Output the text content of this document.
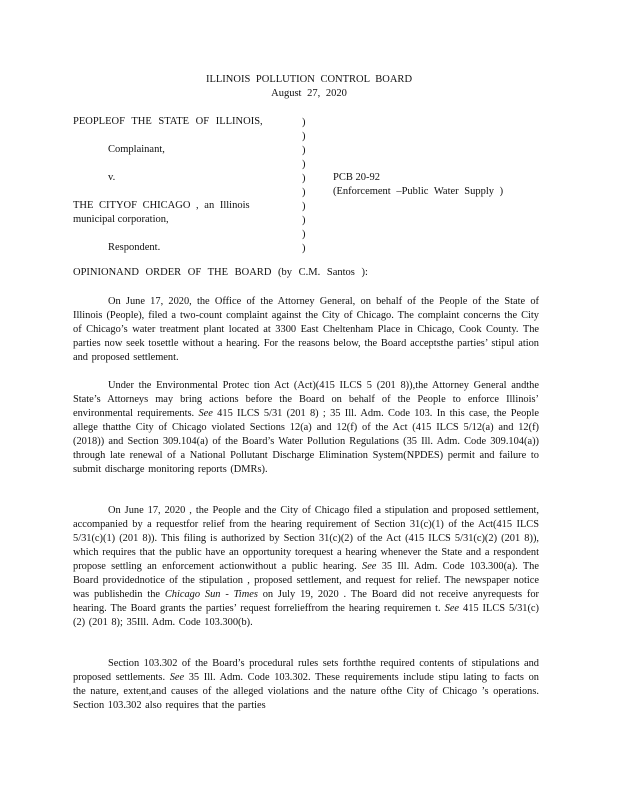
ILLINOIS POLLUTION CONTROL BOARD
August 27, 2020
PEOPLEOF THE STATE OF ILLINOIS,
Complainant,
v.
THE CITYOF CHICAGO , an Illinois
municipal corporation,
Respondent.
)
)
)
)
)
)
)
)
)
)
PCB 20-92
(Enforcement –Public Water Supply )
OPINIONAND ORDER OF THE BOARD (by C.M. Santos ):
On June 17, 2020, the Office of the Attorney General, on behalf of the People of the State of Illinois (People), filed a two-count complaint against the City of Chicago. The complaint concerns the City of Chicago’s water treatment plant located at 3300 East Cheltenham Place in Chicago, Cook County. The parties now seek tosettle without a hearing. For the reasons below, the Board acceptsthe parties’ stipul ation and proposed settlement.
Under the Environmental Protec tion Act (Act)(415 ILCS 5 (201 8)),the Attorney General andthe State’s Attorneys may bring actions before the Board on behalf of the People to enforce Illinois’ environmental requirements. See 415 ILCS 5/31 (201 8) ; 35 Ill. Adm. Code 103. In this case, the People allege thatthe City of Chicago violated Sections 12(a) and 12(f) of the Act (415 ILCS 5/12(a) and 12(f) (2018)) and Section 309.104(a) of the Board’s Water Pollution Regulations (35 Ill. Adm. Code 309.104(a)) through late renewal of a National Pollutant Discharge Elimination System(NPDES) permit and failure to submit discharge monitoring reports (DMRs).
On June 17, 2020 , the People and the City of Chicago filed a stipulation and proposed settlement, accompanied by a requestfor relief from the hearing requirement of Section 31(c)(1) of the Act(415 ILCS 5/31(c)(1) (201 8)). This filing is authorized by Section 31(c)(2) of the Act (415 ILCS 5/31(c)(2) (201 8)), which requires that the public have an opportunity torequest a hearing whenever the State and a respondent propose settling an enforcement actionwithout a public hearing. See 35 Ill. Adm. Code 103.300(a). The Board providednotice of the stipulation , proposed settlement, and request for relief. The newspaper notice was publishedin the Chicago Sun - Times on July 19, 2020 . The Board did not receive anyrequests for hearing. The Board grants the parties’ request forrelieffrom the hearing requiremen t. See 415 ILCS 5/31(c)(2) (201 8); 35Ill. Adm. Code 103.300(b).
Section 103.302 of the Board’s procedural rules sets forththe required contents of stipulations and proposed settlements. See 35 Ill. Adm. Code 103.302. These requirements include stipu lating to facts on the nature, extent,and causes of the alleged violations and the nature ofthe City of Chicago ’s operations. Section 103.302 also requires that the parties
